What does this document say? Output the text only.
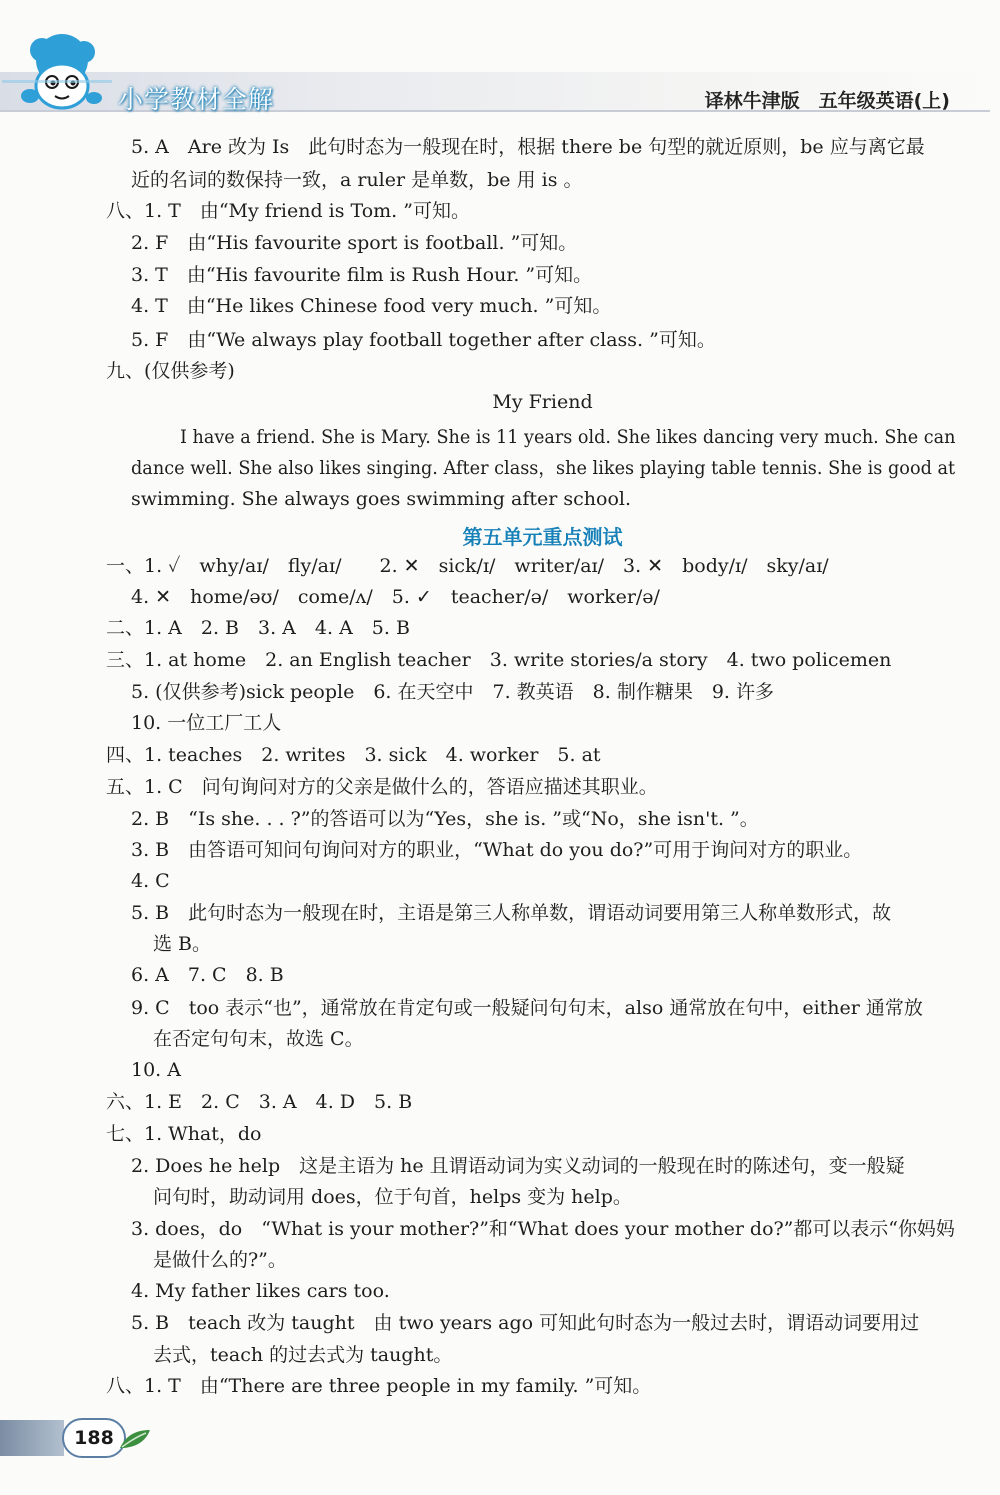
小学教材全解	译林牛津版　五年级英语(上)
5. A　Are 改为 Is　此句时态为一般现在时，根据 there be 句型的就近原则，be 应与离它最
近的名词的数保持一致，a ruler 是单数，be 用 is 。
八、1. T　由“My friend is Tom. ”可知。
2. F　由“His favourite sport is football. ”可知。
3. T　由“His favourite film is Rush Hour. ”可知。
4. T　由“He likes Chinese food very much. ”可知。
5. F　由“We always play football together after class. ”可知。
九、(仅供参考)
My Friend
I have a friend. She is Mary. She is 11 years old. She likes dancing very much. She can
dance well. She also likes singing. After class，she likes playing table tennis. She is good at
swimming. She always goes swimming after school.
第五单元重点测试
一、1. ✓　why/aɪ/　fly/aɪ/　　2. ✕　sick/ɪ/　writer/aɪ/　3. ✕　body/ɪ/　sky/aɪ/
4. ✕　home/əʊ/　come/ʌ/　5. ✓　teacher/ə/　worker/ə/
二、1. A　2. B　3. A　4. A　5. B
三、1. at home　2. an English teacher　3. write stories/a story　4. two policemen
5. (仅供参考)sick people　6. 在天空中　7. 教英语　8. 制作糖果　9. 许多
10. 一位工厂工人
四、1. teaches　2. writes　3. sick　4. worker　5. at
五、1. C　问句询问对方的父亲是做什么的，答语应描述其职业。
2. B　“Is she. . . ?”的答语可以为“Yes，she is. ”或“No，she isn't. ”。
3. B　由答语可知问句询问对方的职业，“What do you do?”可用于询问对方的职业。
4. C
5. B　此句时态为一般现在时，主语是第三人称单数，谓语动词要用第三人称单数形式，故
选 B。
6. A　7. C　8. B
9. C　too 表示“也”，通常放在肯定句或一般疑问句句末，also 通常放在句中，either 通常放
在否定句句末，故选 C。
10. A
六、1. E　2. C　3. A　4. D　5. B
七、1. What，do
2. Does he help　这是主语为 he 且谓语动词为实义动词的一般现在时的陈述句，变一般疑
问句时，助动词用 does，位于句首，helps 变为 help。
3. does，do　“What is your mother?”和“What does your mother do?”都可以表示“你妈妈
是做什么的?”。
4. My father likes cars too.
5. B　teach 改为 taught　由 two years ago 可知此句时态为一般过去时，谓语动词要用过
去式，teach 的过去式为 taught。
八、1. T　由“There are three people in my family. ”可知。
188
